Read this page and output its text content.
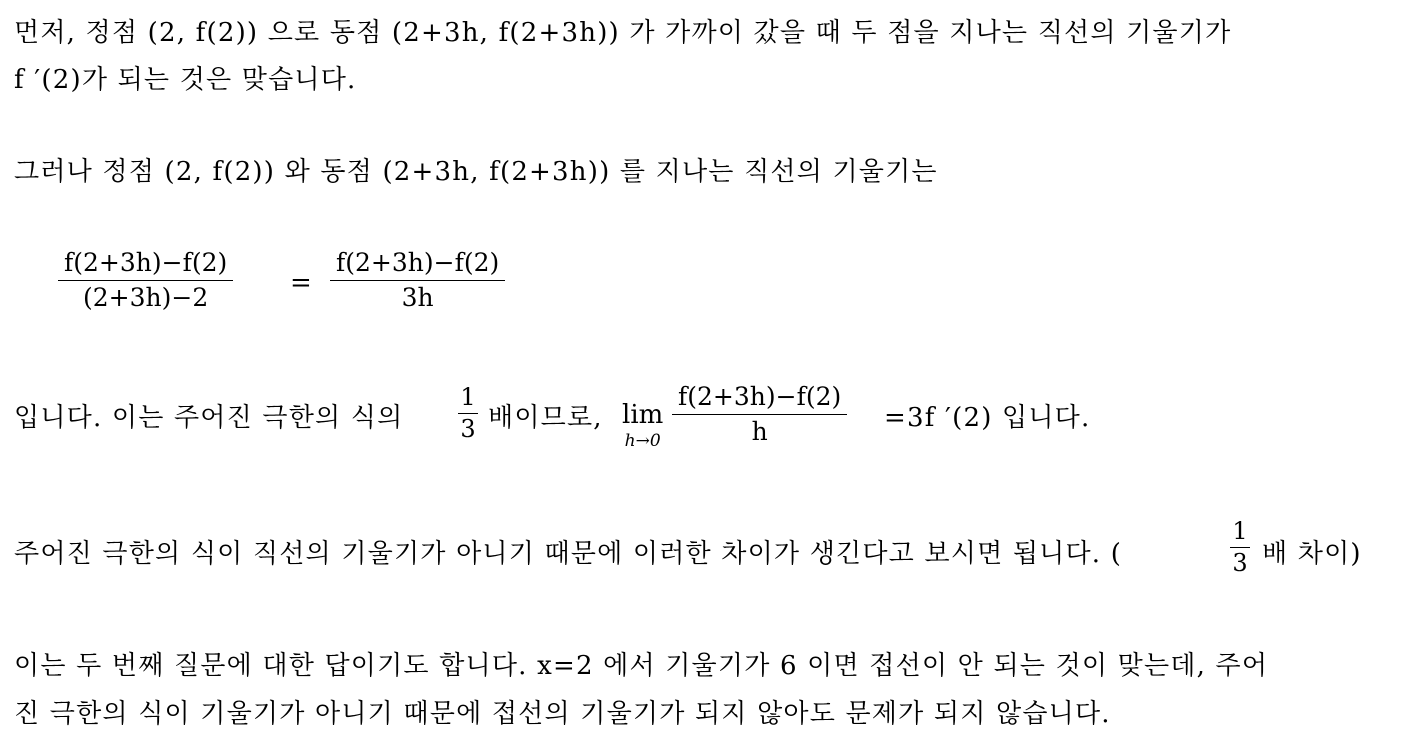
먼저, 정점 (2, f(2)) 으로 동점 (2+3h, f(2+3h)) 가 가까이 갔을 때 두 점을 지나는 직선의 기울기가
f ′(2)가 되는 것은 맞습니다.
그러나 정점 (2, f(2)) 와 동점 (2+3h, f(2+3h)) 를 지나는 직선의 기울기는
f(2+3h)−f(2)
(2+3h)−2	=
f(2+3h)−f(2)
3h
입니다. 이는 주어진 극한의 식의
1
3 배이므로, lim
h→0
f(2+3h)−f(2)
h	=3f ′(2) 입니다.
주어진 극한의 식이 직선의 기울기가 아니기 때문에 이러한 차이가 생긴다고 보시면 됩니다. (
1
3 배 차이)
이는 두 번째 질문에 대한 답이기도 합니다. x=2 에서 기울기가 6 이면 접선이 안 되는 것이 맞는데, 주어
진 극한의 식이 기울기가 아니기 때문에 접선의 기울기가 되지 않아도 문제가 되지 않습니다.
